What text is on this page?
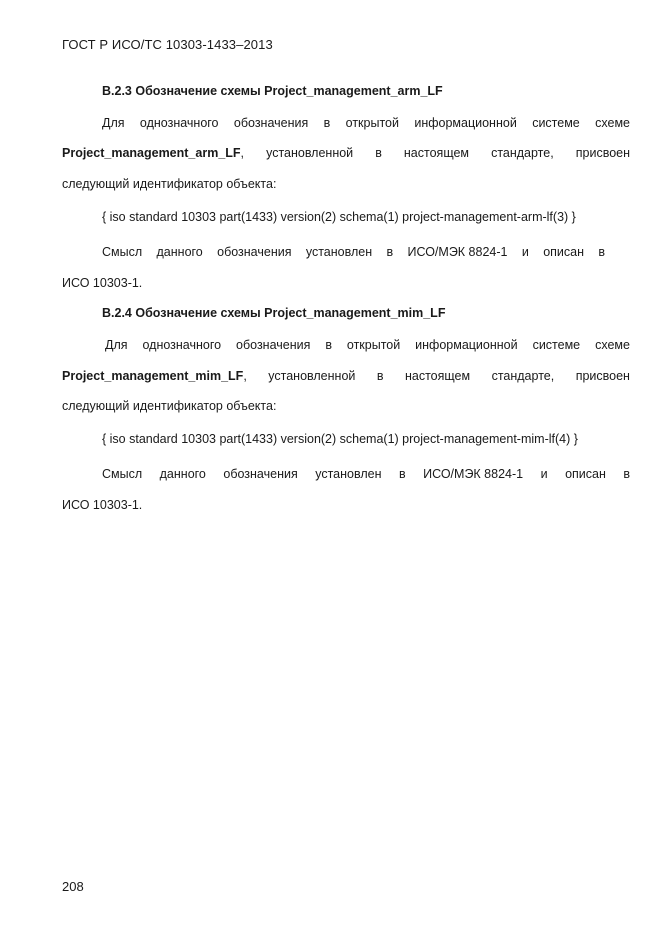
ГОСТ Р ИСО/ТС 10303-1433–2013
B.2.3 Обозначение схемы Project_management_arm_LF
Для однозначного обозначения в открытой информационной системе схеме
Project_management_arm_LF, установленной в настоящем стандарте, присвоен
следующий идентификатор объекта:
{ iso standard 10303 part(1433) version(2) schema(1) project-management-arm-lf(3) }
Смысл данного обозначения установлен в ИСО/МЭК 8824-1 и описан в
ИСО 10303-1.
B.2.4 Обозначение схемы Project_management_mim_LF
Для однозначного обозначения в открытой информационной системе схеме
Project_management_mim_LF, установленной в настоящем стандарте, присвоен
следующий идентификатор объекта:
{ iso standard 10303 part(1433) version(2) schema(1) project-management-mim-lf(4) }
Смысл данного обозначения установлен в ИСО/МЭК 8824-1 и описан в
ИСО 10303-1.
208
